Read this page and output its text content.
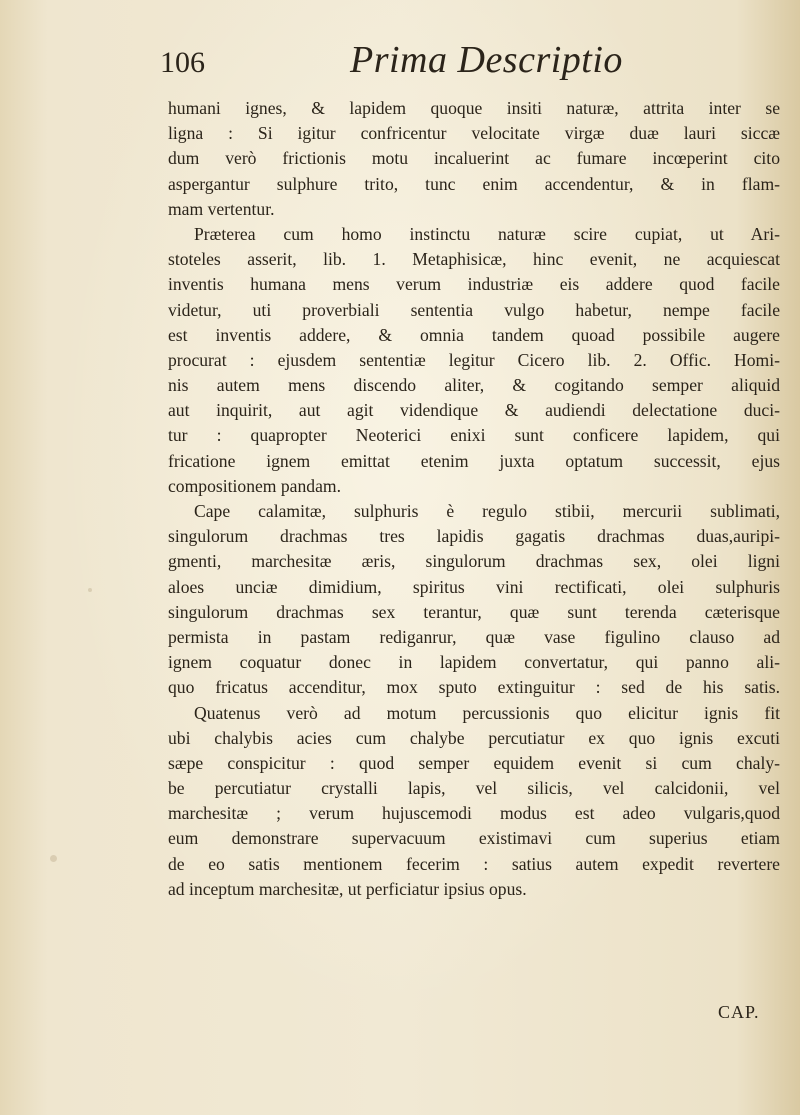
106	Prima Descriptio
humani ignes, & lapidem quoque insiti naturæ, attrita inter se
ligna : Si igitur confricentur velocitate virgæ duæ lauri siccæ
dum verò frictionis motu incaluerint ac fumare incœperint cito
aspergantur sulphure trito, tunc enim accendentur, & in flam-
mam vertentur.
Præterea cum homo instinctu naturæ scire cupiat, ut Ari-
stoteles asserit, lib. 1. Metaphisicæ, hinc evenit, ne acquiescat
inventis humana mens verum industriæ eis addere quod facile
videtur, uti proverbiali sententia vulgo habetur, nempe facile
est inventis addere, & omnia tandem quoad possibile augere
procurat : ejusdem sententiæ legitur Cicero lib. 2. Offic. Homi-
nis autem mens discendo aliter, & cogitando semper aliquid
aut inquirit, aut agit videndique & audiendi delectatione duci-
tur : quapropter Neoterici enixi sunt conficere lapidem, qui
fricatione ignem emittat etenim juxta optatum successit, ejus
compositionem pandam.
Cape calamitæ, sulphuris è regulo stibii, mercurii sublimati,
singulorum drachmas tres lapidis gagatis drachmas duas,auripi-
gmenti, marchesitæ æris, singulorum drachmas sex, olei ligni
aloes unciæ dimidium, spiritus vini rectificati, olei sulphuris
singulorum drachmas sex terantur, quæ sunt terenda cæterisque
permista in pastam rediganrur, quæ vase figulino clauso ad
ignem coquatur donec in lapidem convertatur, qui panno ali-
quo fricatus accenditur, mox sputo extinguitur : sed de his satis.
Quatenus verò ad motum percussionis quo elicitur ignis fit
ubi chalybis acies cum chalybe percutiatur ex quo ignis excuti
sæpe conspicitur : quod semper equidem evenit si cum chaly-
be percutiatur crystalli lapis, vel silicis, vel calcidonii, vel
marchesitæ ; verum hujuscemodi modus est adeo vulgaris,quod
eum demonstrare supervacuum existimavi cum superius etiam
de eo satis mentionem fecerim : satius autem expedit revertere
ad inceptum marchesitæ, ut perficiatur ipsius opus.
CAP.
